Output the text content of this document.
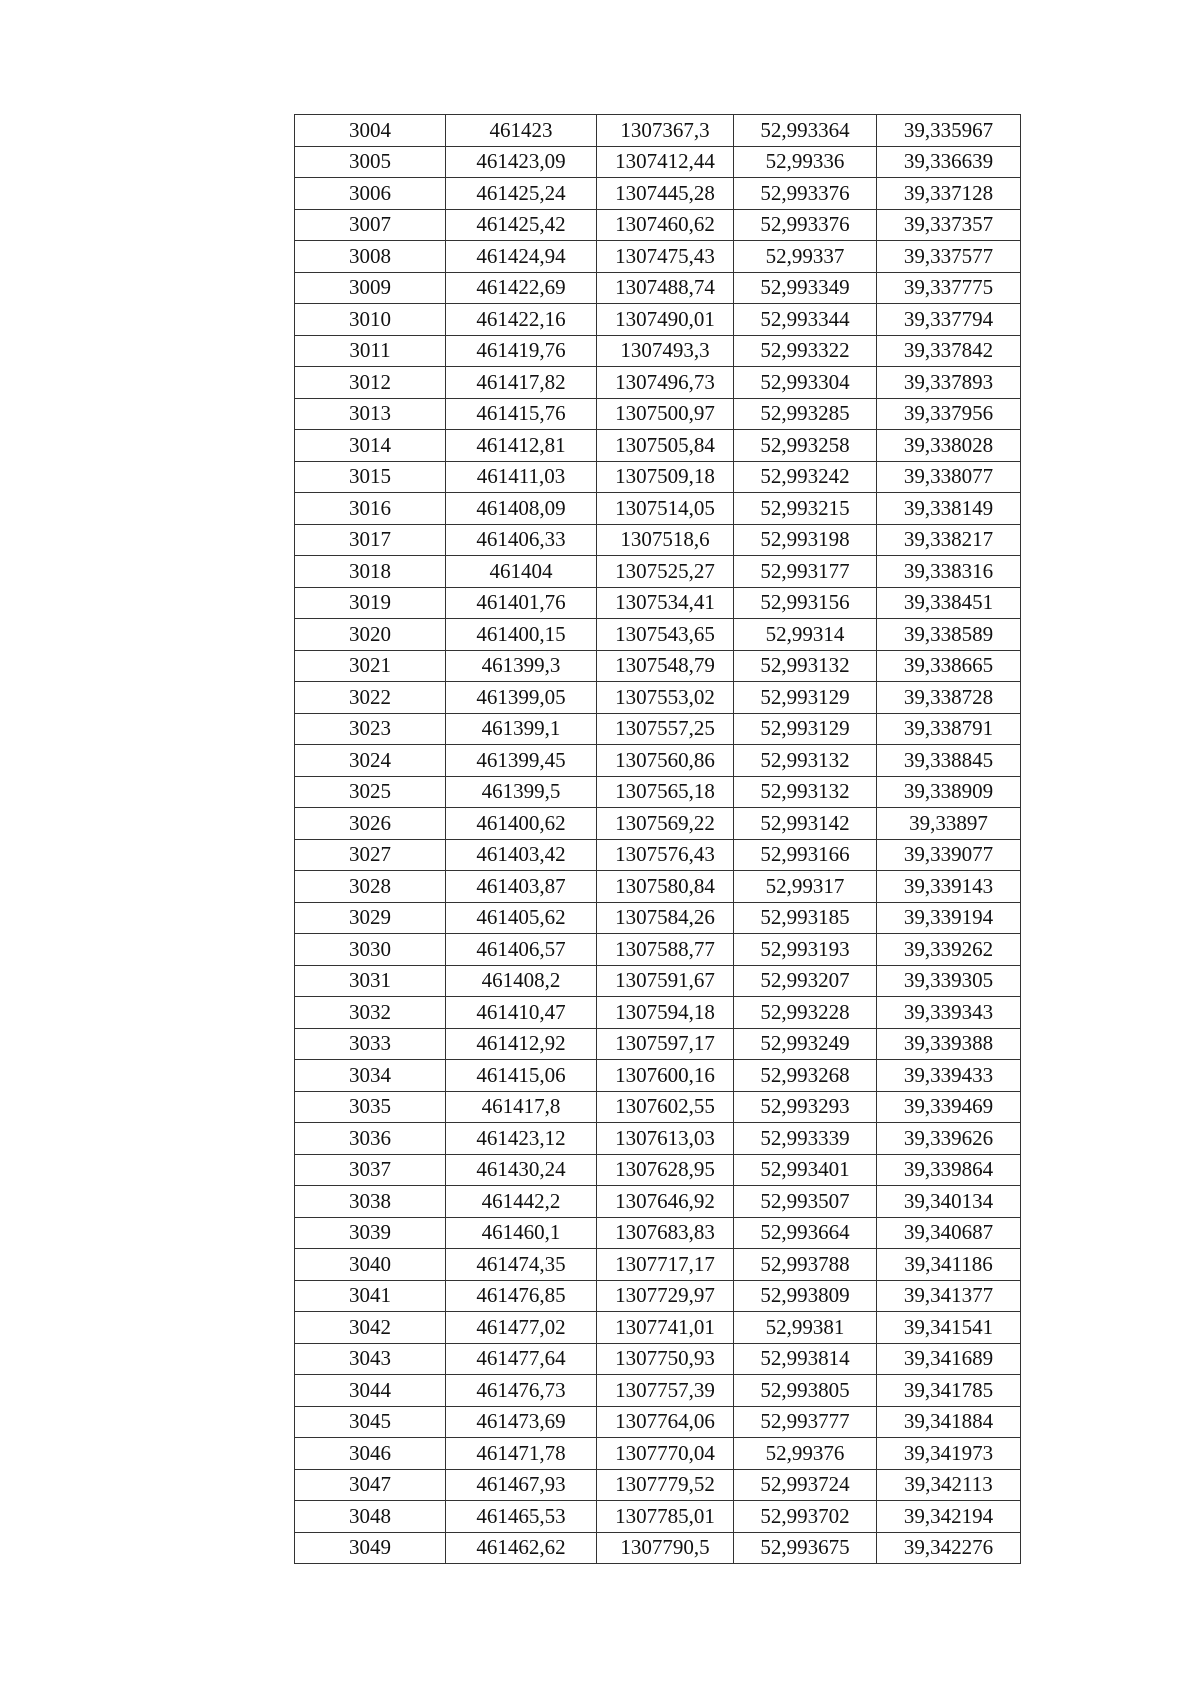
3004	461423	1307367,3	52,993364	39,335967
3005	461423,09	1307412,44	52,99336	39,336639
3006	461425,24	1307445,28	52,993376	39,337128
3007	461425,42	1307460,62	52,993376	39,337357
3008	461424,94	1307475,43	52,99337	39,337577
3009	461422,69	1307488,74	52,993349	39,337775
3010	461422,16	1307490,01	52,993344	39,337794
3011	461419,76	1307493,3	52,993322	39,337842
3012	461417,82	1307496,73	52,993304	39,337893
3013	461415,76	1307500,97	52,993285	39,337956
3014	461412,81	1307505,84	52,993258	39,338028
3015	461411,03	1307509,18	52,993242	39,338077
3016	461408,09	1307514,05	52,993215	39,338149
3017	461406,33	1307518,6	52,993198	39,338217
3018	461404	1307525,27	52,993177	39,338316
3019	461401,76	1307534,41	52,993156	39,338451
3020	461400,15	1307543,65	52,99314	39,338589
3021	461399,3	1307548,79	52,993132	39,338665
3022	461399,05	1307553,02	52,993129	39,338728
3023	461399,1	1307557,25	52,993129	39,338791
3024	461399,45	1307560,86	52,993132	39,338845
3025	461399,5	1307565,18	52,993132	39,338909
3026	461400,62	1307569,22	52,993142	39,33897
3027	461403,42	1307576,43	52,993166	39,339077
3028	461403,87	1307580,84	52,99317	39,339143
3029	461405,62	1307584,26	52,993185	39,339194
3030	461406,57	1307588,77	52,993193	39,339262
3031	461408,2	1307591,67	52,993207	39,339305
3032	461410,47	1307594,18	52,993228	39,339343
3033	461412,92	1307597,17	52,993249	39,339388
3034	461415,06	1307600,16	52,993268	39,339433
3035	461417,8	1307602,55	52,993293	39,339469
3036	461423,12	1307613,03	52,993339	39,339626
3037	461430,24	1307628,95	52,993401	39,339864
3038	461442,2	1307646,92	52,993507	39,340134
3039	461460,1	1307683,83	52,993664	39,340687
3040	461474,35	1307717,17	52,993788	39,341186
3041	461476,85	1307729,97	52,993809	39,341377
3042	461477,02	1307741,01	52,99381	39,341541
3043	461477,64	1307750,93	52,993814	39,341689
3044	461476,73	1307757,39	52,993805	39,341785
3045	461473,69	1307764,06	52,993777	39,341884
3046	461471,78	1307770,04	52,99376	39,341973
3047	461467,93	1307779,52	52,993724	39,342113
3048	461465,53	1307785,01	52,993702	39,342194
3049	461462,62	1307790,5	52,993675	39,342276
